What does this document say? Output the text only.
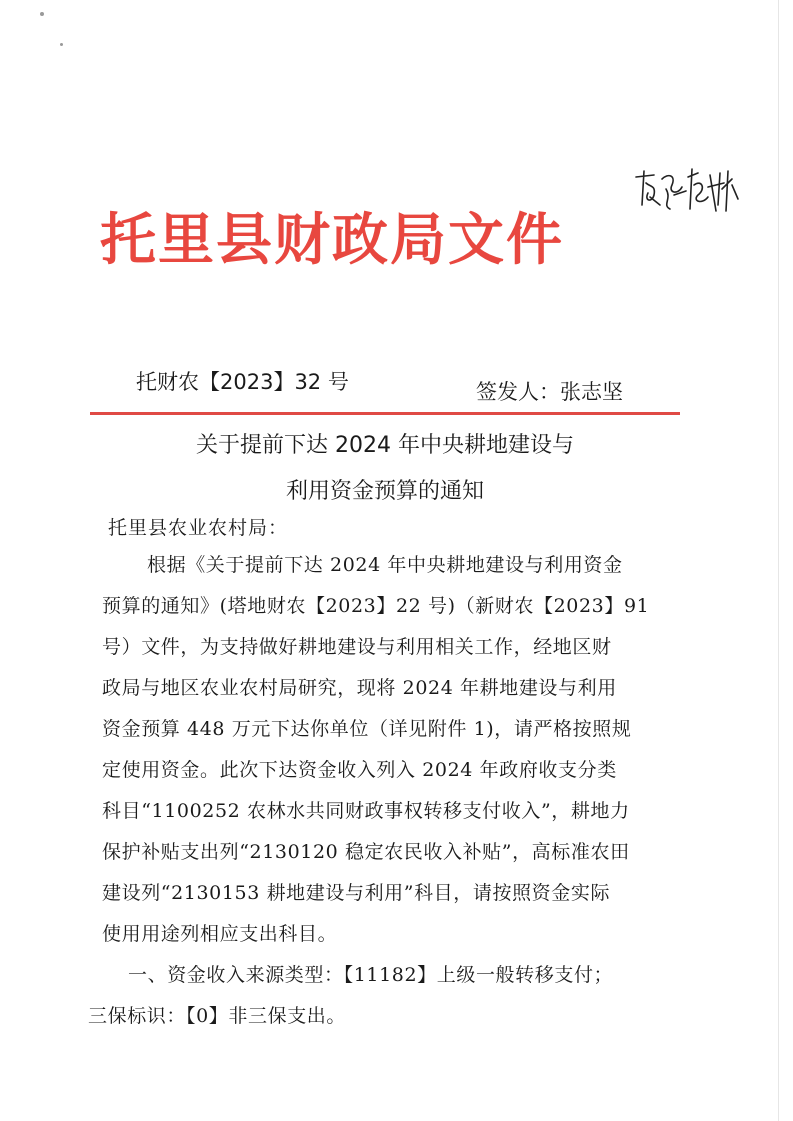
托里县财政局文件
托财农【2023】32 号	签发人：张志坚
关于提前下达 2024 年中央耕地建设与
利用资金预算的通知
托里县农业农村局：
根据《关于提前下达 2024 年中央耕地建设与利用资金
预算的通知》(塔地财农【2023】22 号)（新财农【2023】91
号）文件，为支持做好耕地建设与利用相关工作，经地区财
政局与地区农业农村局研究，现将 2024 年耕地建设与利用
资金预算 448 万元下达你单位（详见附件 1)，请严格按照规
定使用资金。此次下达资金收入列入 2024 年政府收支分类
科目“1100252 农林水共同财政事权转移支付收入”，耕地力
保护补贴支出列“2130120 稳定农民收入补贴”，高标准农田
建设列“2130153 耕地建设与利用”科目，请按照资金实际
使用用途列相应支出科目。
一、资金收入来源类型：【11182】上级一般转移支付；
三保标识：【0】非三保支出。
